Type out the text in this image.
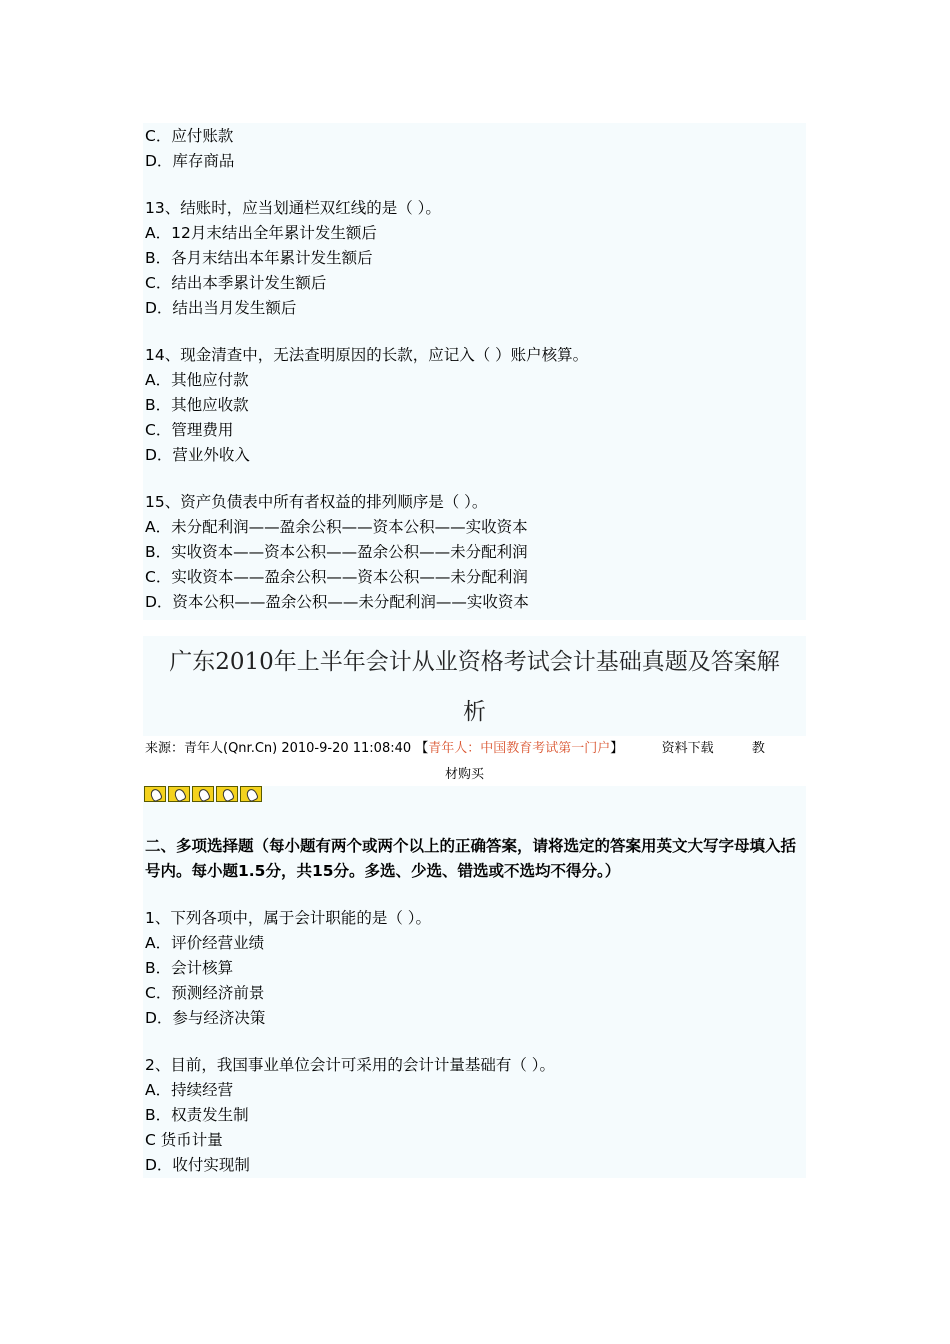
C．应付账款
D．库存商品
13、结账时，应当划通栏双红线的是（ ）。
A．12月末结出全年累计发生额后
B．各月末结出本年累计发生额后
C．结出本季累计发生额后
D．结出当月发生额后
14、现金清查中，无法查明原因的长款，应记入（ ）账户核算。
A．其他应付款
B．其他应收款
C．管理费用
D．营业外收入
15、资产负债表中所有者权益的排列顺序是（ ）。
A．未分配利润——盈余公积——资本公积——实收资本
B．实收资本——资本公积——盈余公积——未分配利润
C．实收资本——盈余公积——资本公积——未分配利润
D．资本公积——盈余公积——未分配利润——实收资本
广东2010年上半年会计从业资格考试会计基础真题及答案解
析
来源：青年人(Qnr.Cn) 2010-9-20 11:08:40 【青年人：中国教育考试第一门户】	资料下载	教
材购买
二、多项选择题（每小题有两个或两个以上的正确答案，请将选定的答案用英文大写字母填入括号内。每小题1.5分，共15分。多选、少选、错选或不选均不得分。）
1、下列各项中，属于会计职能的是（ ）。
A．评价经营业绩
B．会计核算
C．预测经济前景
D．参与经济决策
2、目前，我国事业单位会计可采用的会计计量基础有（ ）。
A．持续经营
B．权责发生制
C 货币计量
D．收付实现制
